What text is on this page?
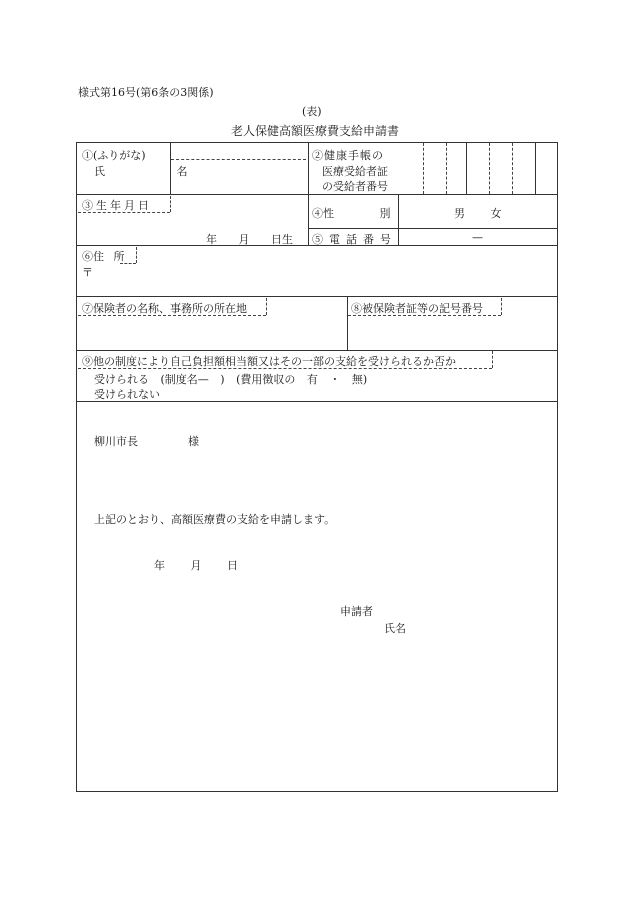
様式第16号(第6条の3関係)
(表)
老人保健高額医療費支給申請書
①(ふりがな)
氏 名
②健康手帳の
医療受給者証
の受給者番号
③生年月日
年 月 日生
④性 別	男 女
⑤電話番号	—
⑥住 所
〒
⑦保険者の名称、事務所の所在地	⑧被保険者証等の記号番号
⑨他の制度により自己負担額相当額又はその一部の支給を受けられるか否か
受けられる (制度名— ) (費用徴収の 有 ・ 無)
受けられない
柳川市長	様
上記のとおり、高額医療費の支給を申請します。
年 月 日
申請者
氏名
